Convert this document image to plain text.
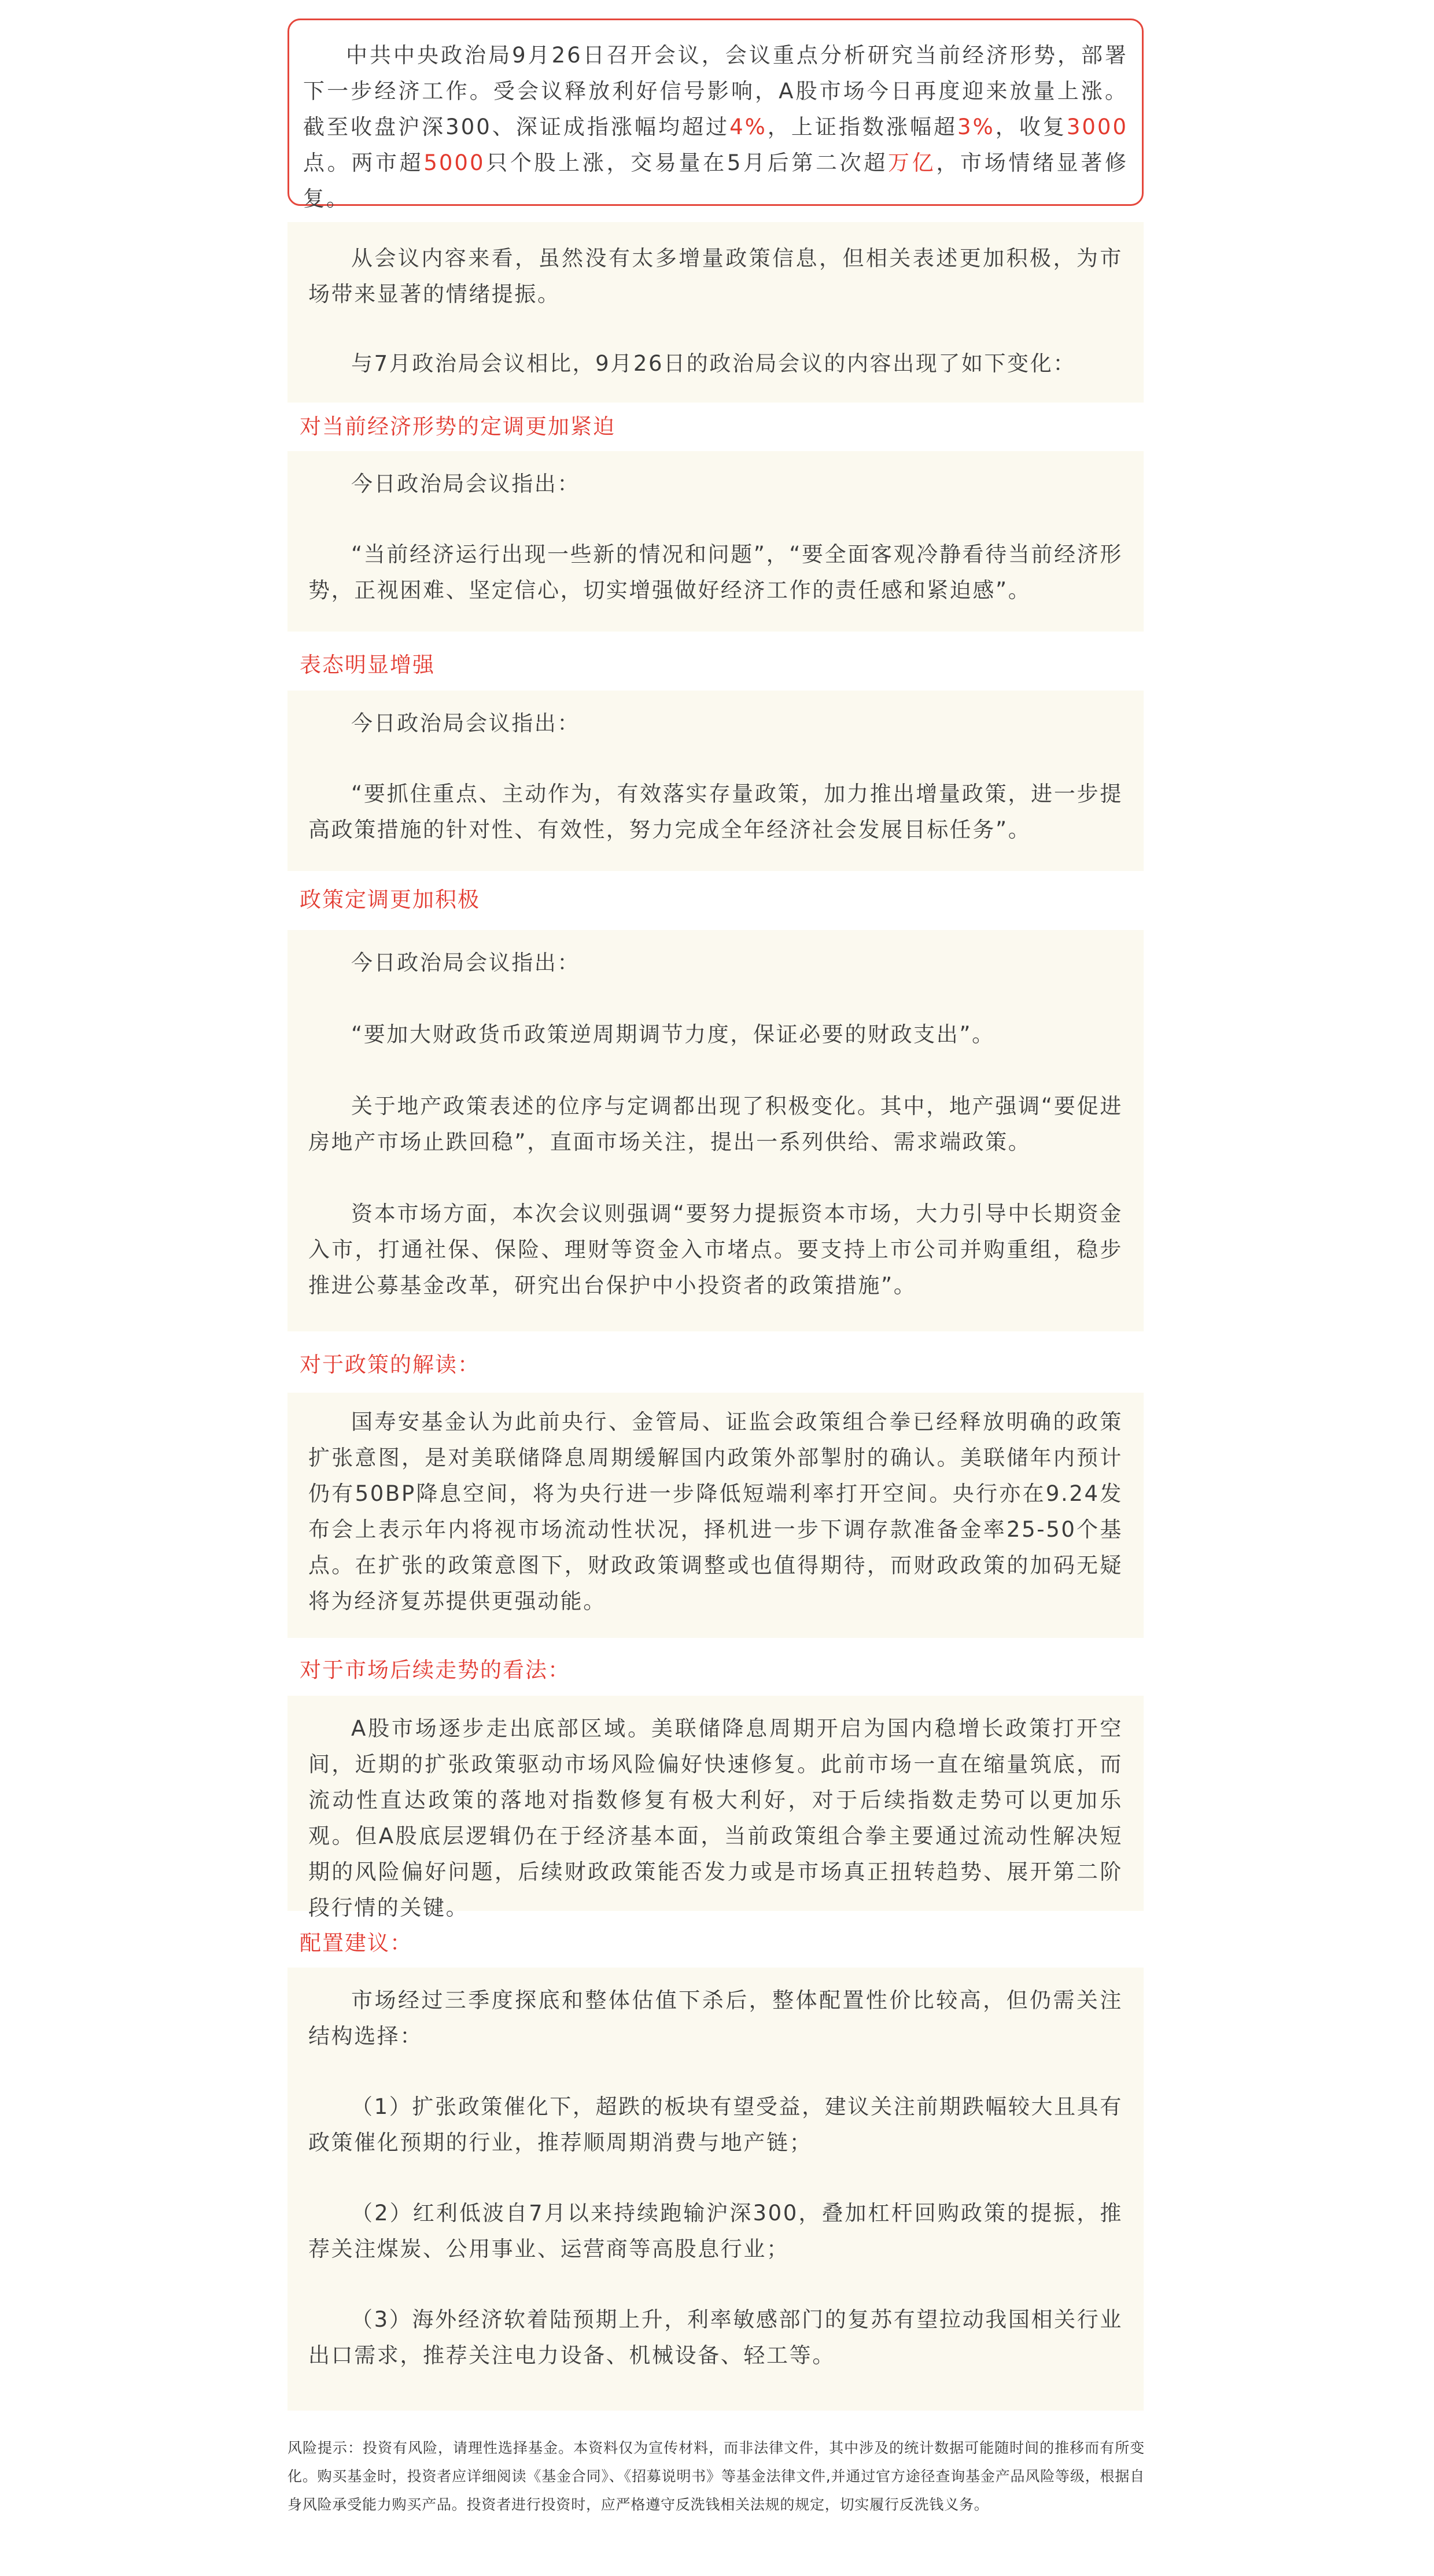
中共中央政治局9月26日召开会议，会议重点分析研究当前经济形势，部署下一步经济工作。受会议释放利好信号影响，A股市场今日再度迎来放量上涨。截至收盘沪深300、深证成指涨幅均超过4%，上证指数涨幅超3%，收复3000点。两市超5000只个股上涨，交易量在5月后第二次超万亿，市场情绪显著修复。

从会议内容来看，虽然没有太多增量政策信息，但相关表述更加积极，为市场带来显著的情绪提振。

与7月政治局会议相比，9月26日的政治局会议的内容出现了如下变化：

对当前经济形势的定调更加紧迫

今日政治局会议指出：

“当前经济运行出现一些新的情况和问题”，“要全面客观冷静看待当前经济形势，正视困难、坚定信心，切实增强做好经济工作的责任感和紧迫感”。

表态明显增强

今日政治局会议指出：

“要抓住重点、主动作为，有效落实存量政策，加力推出增量政策，进一步提高政策措施的针对性、有效性，努力完成全年经济社会发展目标任务”。

政策定调更加积极

今日政治局会议指出：

“要加大财政货币政策逆周期调节力度，保证必要的财政支出”。

关于地产政策表述的位序与定调都出现了积极变化。其中，地产强调“要促进房地产市场止跌回稳”，直面市场关注，提出一系列供给、需求端政策。

资本市场方面，本次会议则强调“要努力提振资本市场，大力引导中长期资金入市，打通社保、保险、理财等资金入市堵点。要支持上市公司并购重组，稳步推进公募基金改革，研究出台保护中小投资者的政策措施”。

对于政策的解读：

国寿安基金认为此前央行、金管局、证监会政策组合拳已经释放明确的政策扩张意图，是对美联储降息周期缓解国内政策外部掣肘的确认。美联储年内预计仍有50BP降息空间，将为央行进一步降低短端利率打开空间。央行亦在9.24发布会上表示年内将视市场流动性状况，择机进一步下调存款准备金率25-50个基点。在扩张的政策意图下，财政政策调整或也值得期待，而财政政策的加码无疑将为经济复苏提供更强动能。

对于市场后续走势的看法：

A股市场逐步走出底部区域。美联储降息周期开启为国内稳增长政策打开空间，近期的扩张政策驱动市场风险偏好快速修复。此前市场一直在缩量筑底，而流动性直达政策的落地对指数修复有极大利好，对于后续指数走势可以更加乐观。但A股底层逻辑仍在于经济基本面，当前政策组合拳主要通过流动性解决短期的风险偏好问题，后续财政政策能否发力或是市场真正扭转趋势、展开第二阶段行情的关键。

配置建议：

市场经过三季度探底和整体估值下杀后，整体配置性价比较高，但仍需关注结构选择：

（1）扩张政策催化下，超跌的板块有望受益，建议关注前期跌幅较大且具有政策催化预期的行业，推荐顺周期消费与地产链；

（2）红利低波自7月以来持续跑输沪深300，叠加杠杆回购政策的提振，推荐关注煤炭、公用事业、运营商等高股息行业；

（3）海外经济软着陆预期上升，利率敏感部门的复苏有望拉动我国相关行业出口需求，推荐关注电力设备、机械设备、轻工等。

风险提示：投资有风险，请理性选择基金。本资料仅为宣传材料，而非法律文件，其中涉及的统计数据可能随时间的推移而有所变化。购买基金时，投资者应详细阅读《基金合同》、《招募说明书》等基金法律文件,并通过官方途径查询基金产品风险等级，根据自身风险承受能力购买产品。投资者进行投资时，应严格遵守反洗钱相关法规的规定，切实履行反洗钱义务。
